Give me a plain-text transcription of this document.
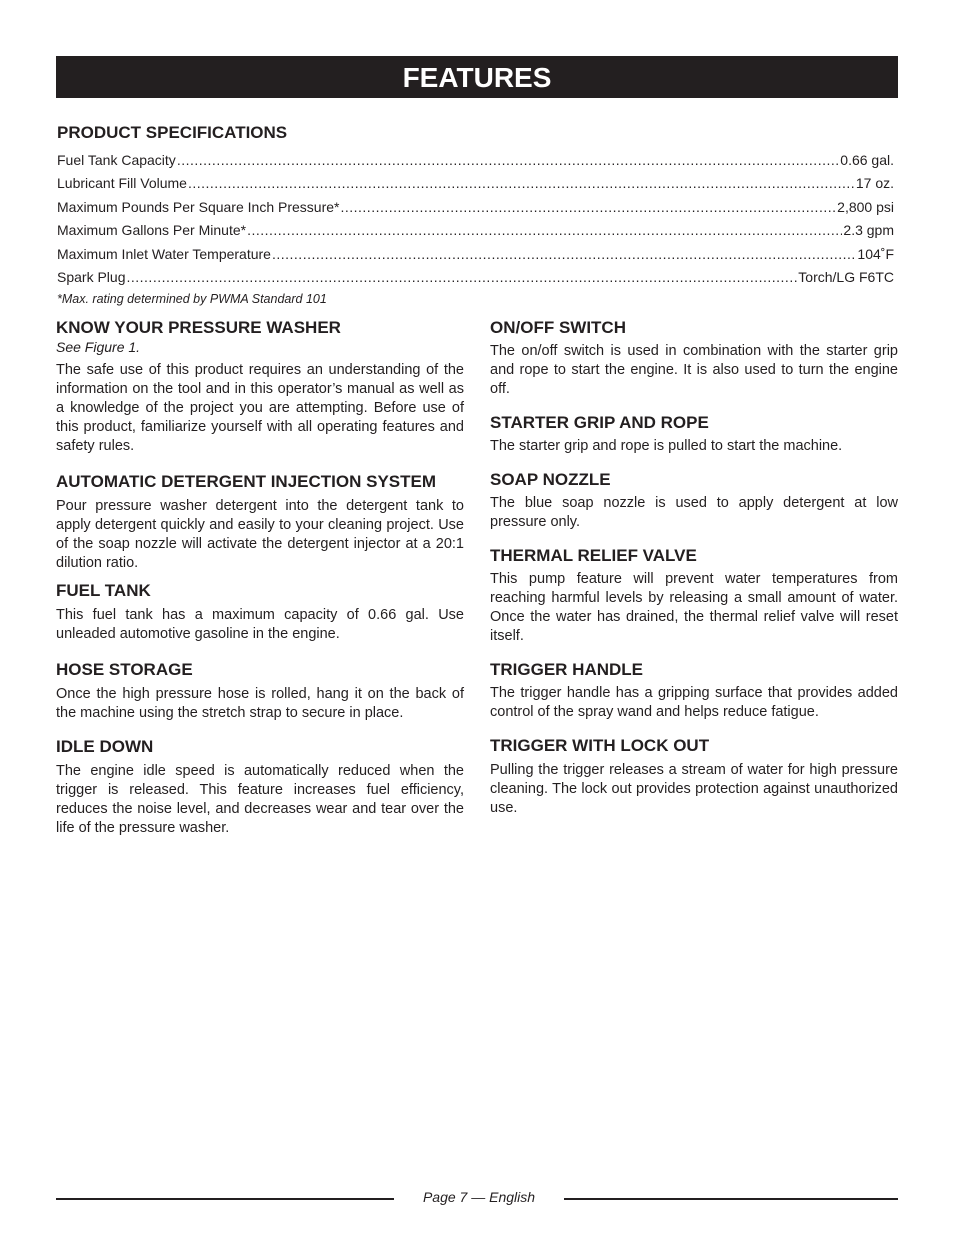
FEATURES
PRODUCT SPECIFICATIONS
Fuel Tank Capacity .....	0.66 gal.
Lubricant Fill Volume .....	17 oz.
Maximum Pounds Per Square Inch Pressure* .....	2,800 psi
Maximum Gallons Per Minute* .....	2.3 gpm
Maximum Inlet Water Temperature .....	104˚F
Spark Plug .....	Torch/LG F6TC
*Max. rating determined by PWMA Standard 101
KNOW YOUR PRESSURE WASHER
See Figure 1.

The safe use of this product requires an understanding of the information on the tool and in this operator’s manual as well as a knowledge of the project you are attempting. Before use of this product, familiarize yourself with all operating features and safety rules.

AUTOMATIC DETERGENT INJECTION SYSTEM

Pour pressure washer detergent into the detergent tank to apply detergent quickly and easily to your cleaning project. Use of the soap nozzle will activate the detergent injector at a 20:1 dilution ratio.

FUEL TANK

This fuel tank has a maximum capacity of 0.66 gal. Use unleaded automotive gasoline in the engine.

HOSE STORAGE

Once the high pressure hose is rolled, hang it on the back of the machine using the stretch strap to secure in place.

IDLE DOWN

The engine idle speed is automatically reduced when the trigger is released. This feature increases fuel efficiency, reduces the noise level, and decreases wear and tear over the life of the pressure washer.

ON/OFF SWITCH

The on/off switch is used in combination with the starter grip and rope to start the engine. It is also used to turn the engine off.

STARTER GRIP AND ROPE

The starter grip and rope is pulled to start the machine.

SOAP NOZZLE

The blue soap nozzle is used to apply detergent at low pressure only.

THERMAL RELIEF VALVE

This pump feature will prevent water temperatures from reaching harmful levels by releasing a small amount of water. Once the water has drained, the thermal relief valve will reset itself.

TRIGGER HANDLE

The trigger handle has a gripping surface that provides added control of the spray wand and helps reduce fatigue.

TRIGGER WITH LOCK OUT

Pulling the trigger releases a stream of water for high pressure cleaning. The lock out provides protection against unauthorized use.

Page 7 — English
